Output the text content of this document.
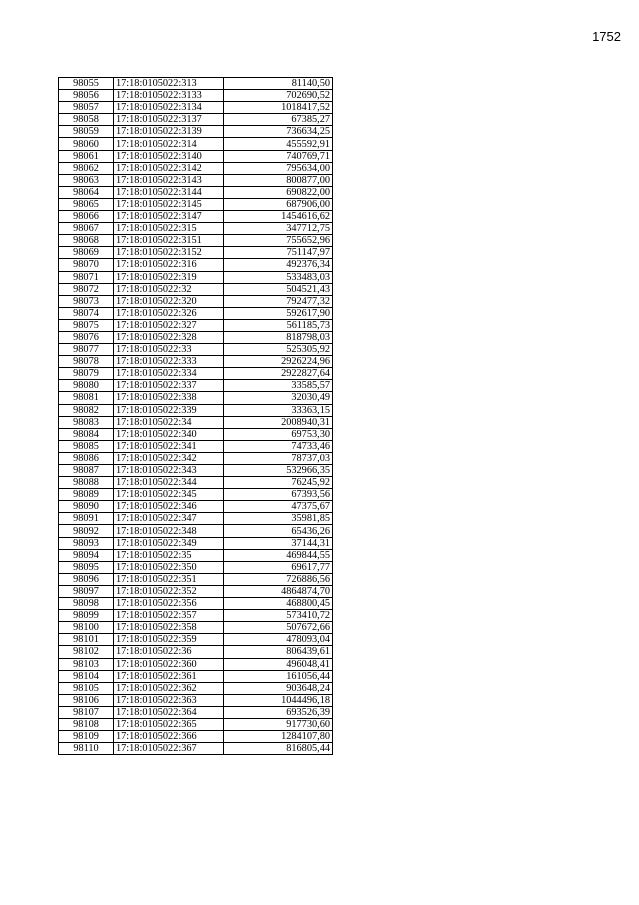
1752
98055	17:18:0105022:313	81140,50
98056	17:18:0105022:3133	702690,52
98057	17:18:0105022:3134	1018417,52
98058	17:18:0105022:3137	67385,27
98059	17:18:0105022:3139	736634,25
98060	17:18:0105022:314	455592,91
98061	17:18:0105022:3140	740769,71
98062	17:18:0105022:3142	795634,00
98063	17:18:0105022:3143	800877,00
98064	17:18:0105022:3144	690822,00
98065	17:18:0105022:3145	687906,00
98066	17:18:0105022:3147	1454616,62
98067	17:18:0105022:315	347712,75
98068	17:18:0105022:3151	755652,96
98069	17:18:0105022:3152	751147,97
98070	17:18:0105022:316	492376,34
98071	17:18:0105022:319	533483,03
98072	17:18:0105022:32	504521,43
98073	17:18:0105022:320	792477,32
98074	17:18:0105022:326	592617,90
98075	17:18:0105022:327	561185,73
98076	17:18:0105022:328	818798,03
98077	17:18:0105022:33	525305,92
98078	17:18:0105022:333	2926224,96
98079	17:18:0105022:334	2922827,64
98080	17:18:0105022:337	33585,57
98081	17:18:0105022:338	32030,49
98082	17:18:0105022:339	33363,15
98083	17:18:0105022:34	2008940,31
98084	17:18:0105022:340	69753,30
98085	17:18:0105022:341	74733,46
98086	17:18:0105022:342	78737,03
98087	17:18:0105022:343	532966,35
98088	17:18:0105022:344	76245,92
98089	17:18:0105022:345	67393,56
98090	17:18:0105022:346	47375,67
98091	17:18:0105022:347	35981,85
98092	17:18:0105022:348	65436,26
98093	17:18:0105022:349	37144,31
98094	17:18:0105022:35	469844,55
98095	17:18:0105022:350	69617,77
98096	17:18:0105022:351	726886,56
98097	17:18:0105022:352	4864874,70
98098	17:18:0105022:356	468800,45
98099	17:18:0105022:357	573410,72
98100	17:18:0105022:358	507672,66
98101	17:18:0105022:359	478093,04
98102	17:18:0105022:36	806439,61
98103	17:18:0105022:360	496048,41
98104	17:18:0105022:361	161056,44
98105	17:18:0105022:362	903648,24
98106	17:18:0105022:363	1044496,18
98107	17:18:0105022:364	693526,39
98108	17:18:0105022:365	917730,60
98109	17:18:0105022:366	1284107,80
98110	17:18:0105022:367	816805,44
